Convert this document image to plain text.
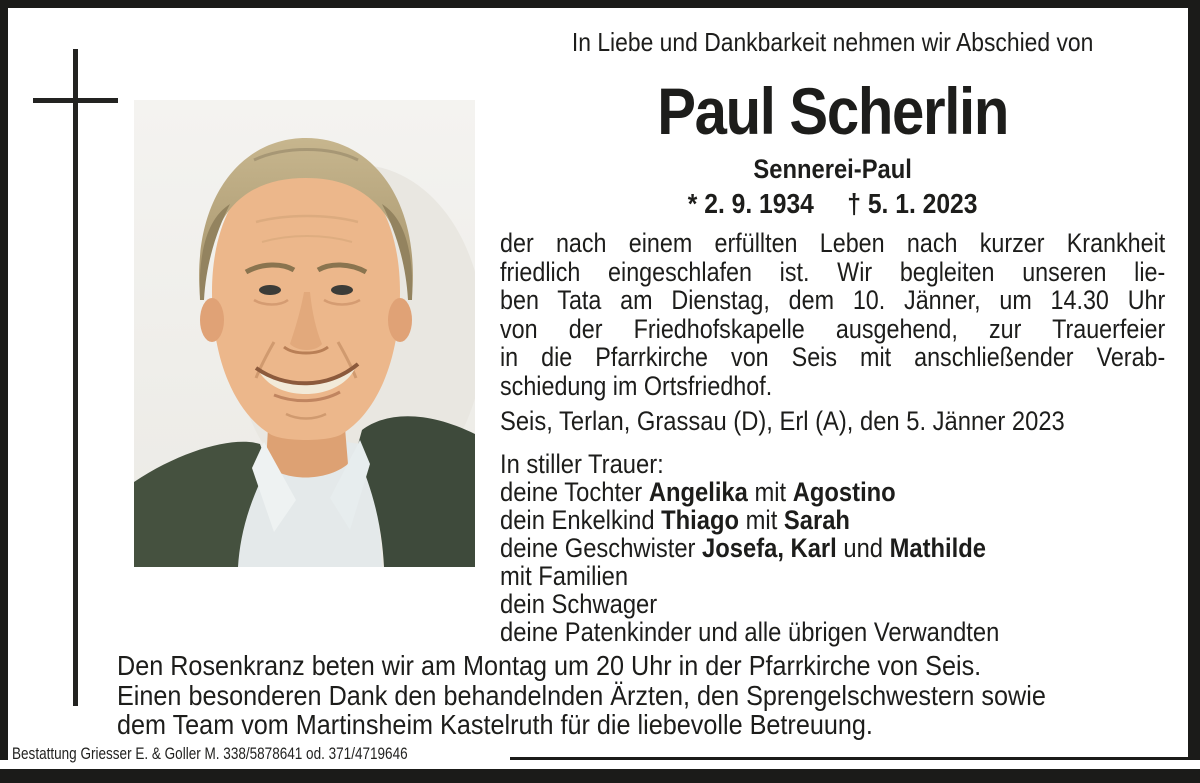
In Liebe und Dankbarkeit nehmen wir Abschied von
Paul Scherlin
Sennerei-Paul
* 2. 9. 1934 † 5. 1. 2023
der nach einem erfüllten Leben nach kurzer Krankheit
friedlich eingeschlafen ist. Wir begleiten unseren lie-
ben Tata am Dienstag, dem 10. Jänner, um 14.30 Uhr
von der Friedhofskapelle ausgehend, zur Trauerfeier
in die Pfarrkirche von Seis mit anschließender Verab-
schiedung im Ortsfriedhof.
Seis, Terlan, Grassau (D), Erl (A), den 5. Jänner 2023
In stiller Trauer:
deine Tochter Angelika mit Agostino
dein Enkelkind Thiago mit Sarah
deine Geschwister Josefa, Karl und Mathilde
mit Familien
dein Schwager
deine Patenkinder und alle übrigen Verwandten
Den Rosenkranz beten wir am Montag um 20 Uhr in der Pfarrkirche von Seis.
Einen besonderen Dank den behandelnden Ärzten, den Sprengelschwestern sowie
dem Team vom Martinsheim Kastelruth für die liebevolle Betreuung.
Bestattung Griesser E. & Goller M. 338/5878641 od. 371/4719646
